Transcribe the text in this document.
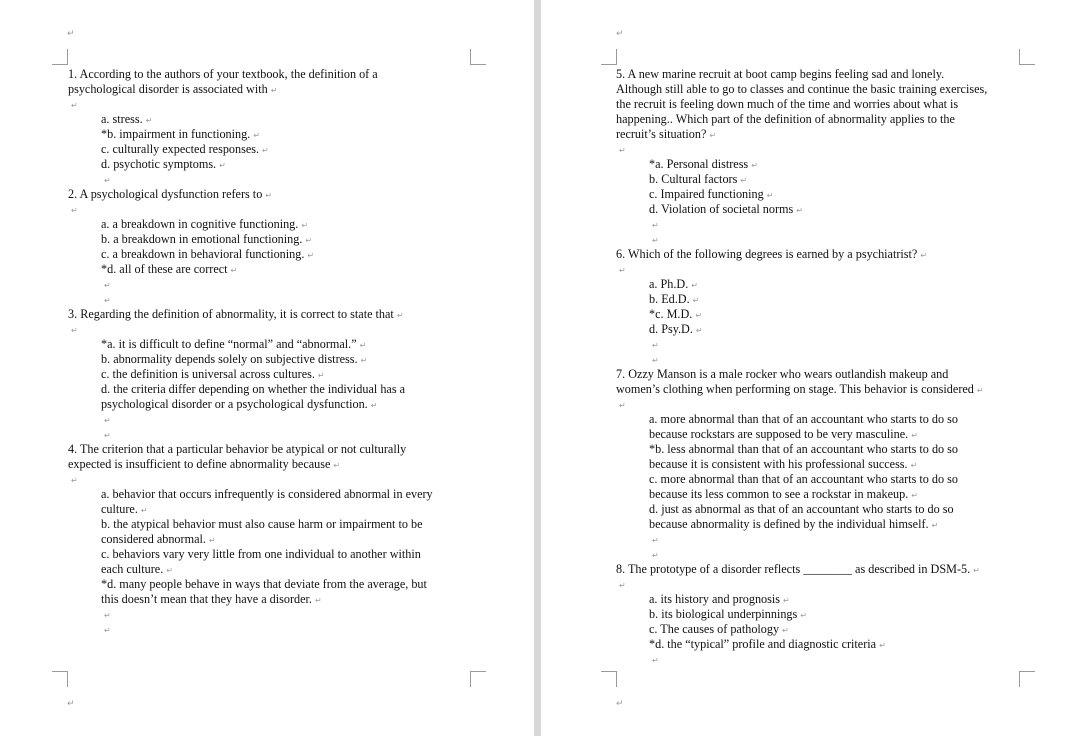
↵
↵
1. According to the authors of your textbook, the definition of a
psychological disorder is associated with ↵
↵
a. stress. ↵
*b. impairment in functioning. ↵
c. culturally expected responses. ↵
d. psychotic symptoms. ↵
↵
2. A psychological dysfunction refers to ↵
↵
a. a breakdown in cognitive functioning. ↵
b. a breakdown in emotional functioning. ↵
c. a breakdown in behavioral functioning. ↵
*d. all of these are correct ↵
↵
↵
3. Regarding the definition of abnormality, it is correct to state that ↵
↵
*a. it is difficult to define “normal” and “abnormal.” ↵
b. abnormality depends solely on subjective distress. ↵
c. the definition is universal across cultures. ↵
d. the criteria differ depending on whether the individual has a
psychological disorder or a psychological dysfunction. ↵
↵
↵
4. The criterion that a particular behavior be atypical or not culturally
expected is insufficient to define abnormality because ↵
↵
a. behavior that occurs infrequently is considered abnormal in every
culture. ↵
b. the atypical behavior must also cause harm or impairment to be
considered abnormal. ↵
c. behaviors vary very little from one individual to another within
each culture. ↵
*d. many people behave in ways that deviate from the average, but
this doesn’t mean that they have a disorder. ↵
↵
↵
↵
↵
5. A new marine recruit at boot camp begins feeling sad and lonely.
Although still able to go to classes and continue the basic training exercises,
the recruit is feeling down much of the time and worries about what is
happening.. Which part of the definition of abnormality applies to the
recruit’s situation? ↵
↵
*a. Personal distress ↵
b. Cultural factors ↵
c. Impaired functioning ↵
d. Violation of societal norms ↵
↵
↵
6. Which of the following degrees is earned by a psychiatrist? ↵
↵
a. Ph.D. ↵
b. Ed.D. ↵
*c. M.D. ↵
d. Psy.D. ↵
↵
↵
7. Ozzy Manson is a male rocker who wears outlandish makeup and
women’s clothing when performing on stage. This behavior is considered ↵
↵
a. more abnormal than that of an accountant who starts to do so
because rockstars are supposed to be very masculine. ↵
*b. less abnormal than that of an accountant who starts to do so
because it is consistent with his professional success. ↵
c. more abnormal than that of an accountant who starts to do so
because its less common to see a rockstar in makeup. ↵
d. just as abnormal as that of an accountant who starts to do so
because abnormality is defined by the individual himself. ↵
↵
↵
8. The prototype of a disorder reflects ________ as described in DSM-5. ↵
↵
a. its history and prognosis ↵
b. its biological underpinnings ↵
c. The causes of pathology ↵
*d. the “typical” profile and diagnostic criteria ↵
↵
